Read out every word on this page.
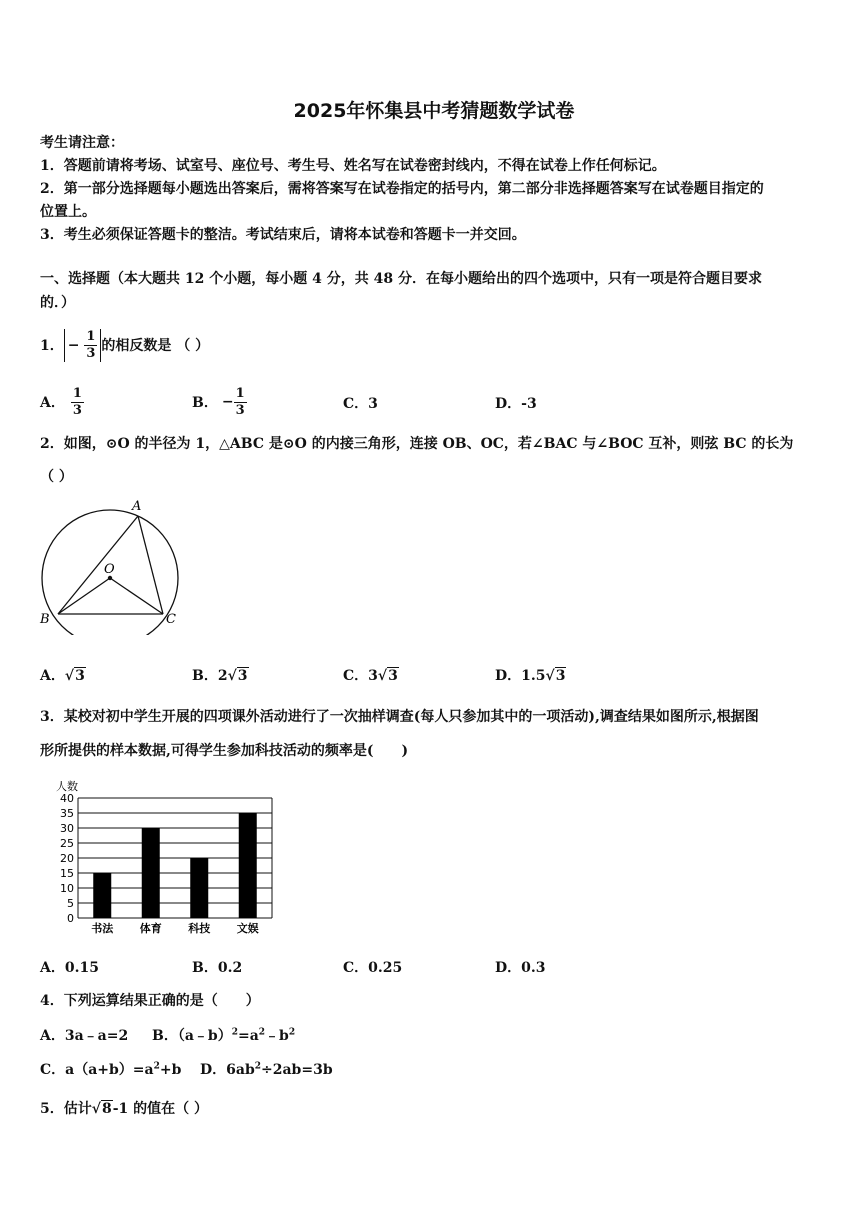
2025年怀集县中考猜题数学试卷
考生请注意：
1．答题前请将考场、试室号、座位号、考生号、姓名写在试卷密封线内，不得在试卷上作任何标记。
2．第一部分选择题每小题选出答案后，需将答案写在试卷指定的括号内，第二部分非选择题答案写在试卷题目指定的
位置上。
3．考生必须保证答题卡的整洁。考试结束后，请将本试卷和答题卡一并交回。
一、选择题（本大题共 12 个小题，每小题 4 分，共 48 分．在每小题给出的四个选项中，只有一项是符合题目要求
的．）
1． − $\frac{1}{3}$ 的相反数是 （ ）
A． $\frac{1}{3}$	B． − $\frac{1}{3}$	C．3	D．-3
2．如图，⊙O 的半径为 1，△ABC 是⊙O 的内接三角形，连接 OB、OC，若∠BAC 与∠BOC 互补，则弦 BC 的长为
（ ）
A
B	C
O
A．√3	B．2√3	C．3√3	D．1.5√3
3．某校对初中学生开展的四项课外活动进行了一次抽样调查(每人只参加其中的一项活动),调查结果如图所示,根据图
形所提供的样本数据,可得学生参加科技活动的频率是(　　)
人数
0
5
10
15
20
25
30
35
40
书法 体育 科技 文娱
A．0.15	B．0.2	C．0.25	D．0.3
4．下列运算结果正确的是（　　）
A．3a﹣a=2 B．$(a﹣b)^2=a^2﹣b^2$
C．$a(a+b)=a^2+b$ D．$6ab^2\div 2ab=3b$
5．估计√8-1 的值在（ ）
